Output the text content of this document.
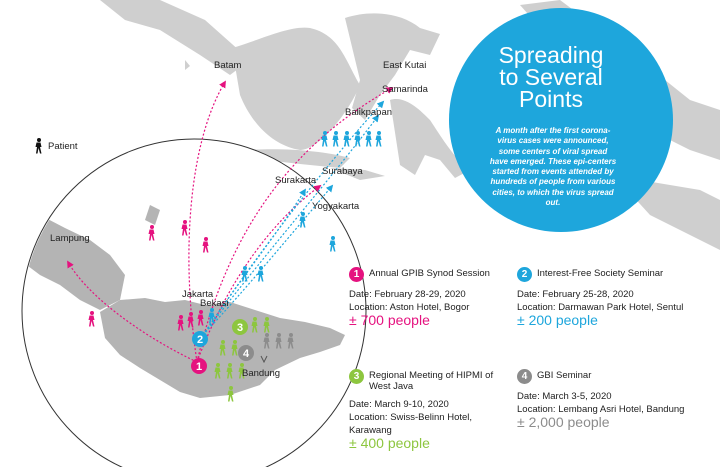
1
2
3
4
Batam	East Kutai
Samarinda
Balikpapan
Surabaya
Surakarta
Yogyakarta
Lampung
Jakarta
Bekasi
Bandung
Patient
Spreading
to Several
Points
A month after the first corona-virus cases were announced, some centers of viral spread have emerged. These epi-centers started from events attended by hundreds of people from various cities, to which the virus spread out.
1	Annual GPIB Synod Session
Date: February 28-29, 2020
Location: Aston Hotel, Bogor
± 700 people
2	Interest-Free Society Seminar
Date: February 25-28, 2020
Location: Darmawan Park Hotel, Sentul
± 200 people
3	Regional Meeting of HIPMI of West Java
Date: March 9-10, 2020
Location: Swiss-Belinn Hotel, Karawang
± 400 people
4	GBI Seminar
Date: March 3-5, 2020
Location: Lembang Asri Hotel, Bandung
± 2,000 people
